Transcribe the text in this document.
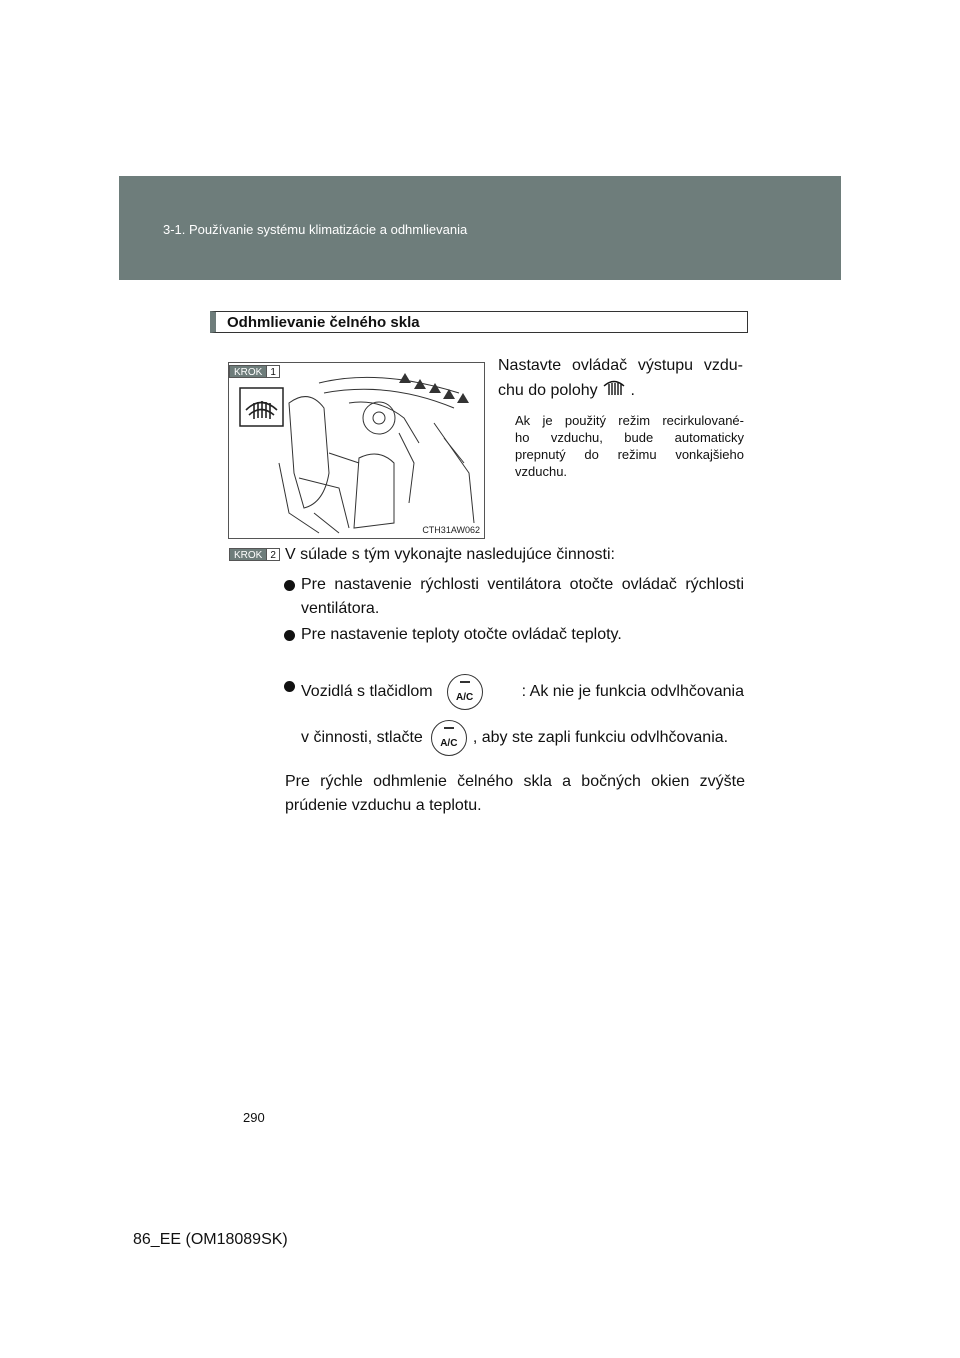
3-1. Používanie systému klimatizácie a odhmlievania
Odhmlievanie čelného skla
CTH31AW062
KROK 1	Nastavte ovládač výstupu vzdu-
chu do polohy .
Ak je použitý režim recirkulované-
ho vzduchu, bude automaticky
prepnutý do režimu vonkajšieho
vzduchu.
KROK 2 V súlade s tým vykonajte nasledujúce činnosti:
Pre nastavenie rýchlosti ventilátora otočte ovládač rýchlosti
ventilátora.
Pre nastavenie teploty otočte ovládač teploty.
Vozidlá s tlačidlom	A/C	: Ak nie je funkcia odvlhčovania
v činnosti, stlačte	A/C , aby ste zapli funkciu odvlhčovania.
Pre rýchle odhmlenie čelného skla a bočných okien zvýšte
prúdenie vzduchu a teplotu.
290
86_EE (OM18089SK)
